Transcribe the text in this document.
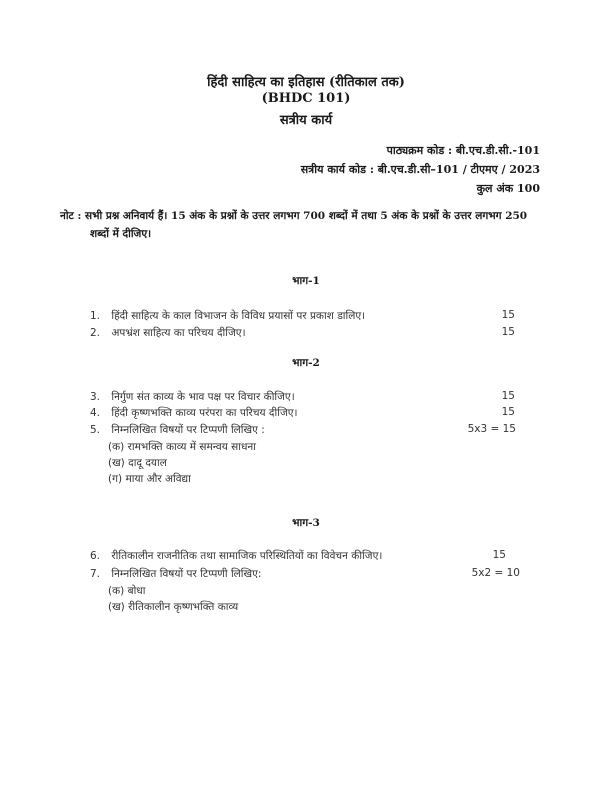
हिंदी साहित्य का इतिहास (रीतिकाल तक)
(BHDC 101)
सत्रीय कार्य
पाठ्यक्रम कोड : बी.एच.डी.सी.-101
सत्रीय कार्य कोड : बी.एच.डी.सी–101 / टीएमए / 2023
कुल अंक 100
नोट : सभी प्रश्न अनिवार्य हैं। 15 अंक के प्रश्नों के उत्तर लगभग 700 शब्दों में तथा 5 अंक के प्रश्नों के उत्तर लगभग 250
शब्दों में दीजिए।
भाग-1
1. हिंदी साहित्य के काल विभाजन के विविध प्रयासों पर प्रकाश डालिए।	15
2. अपभ्रंश साहित्य का परिचय दीजिए।	15
भाग-2
3. निर्गुण संत काव्य के भाव पक्ष पर विचार कीजिए।	15
4. हिंदी कृष्णभक्ति काव्य परंपरा का परिचय दीजिए।	15
5. निम्नलिखित विषयों पर टिप्पणी लिखिए :	5x3 = 15
(क) रामभक्ति काव्य में समन्वय साधना
(ख) दादू दयाल
(ग) माया और अविद्या
भाग-3
6. रीतिकालीन राजनीतिक तथा सामाजिक परिस्थितियों का विवेचन कीजिए।	15
7. निम्नलिखित विषयों पर टिप्पणी लिखिए:	5x2 = 10
(क) बोधा
(ख) रीतिकालीन कृष्णभक्ति काव्य
